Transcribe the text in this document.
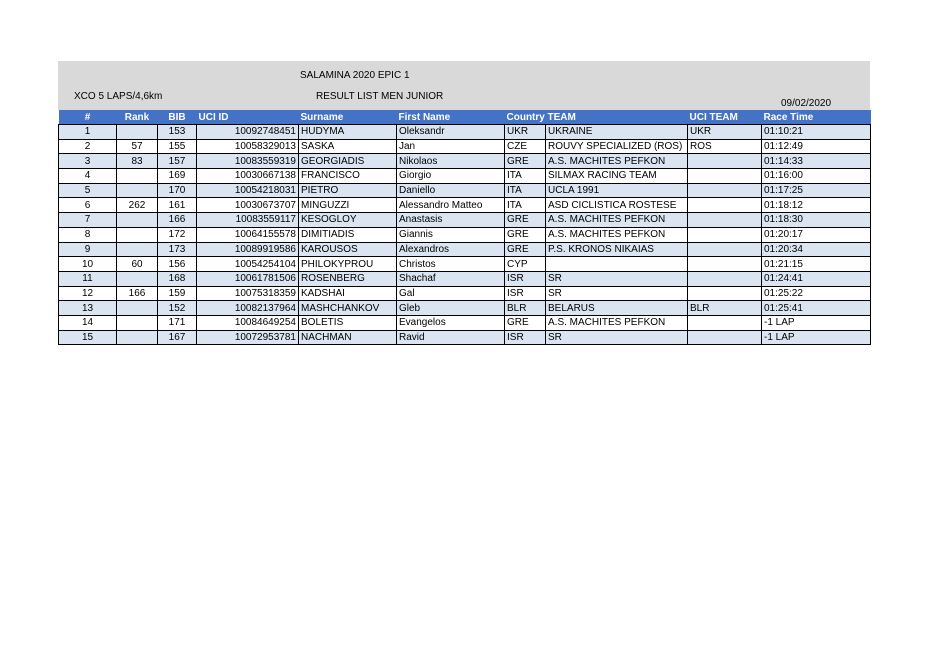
SALAMINA 2020 EPIC 1
XCO 5 LAPS/4,6km	RESULT LIST MEN JUNIOR
09/02/2020
#	Rank	BIB	UCI ID	Surname	First Name	Country	TEAM	UCI TEAM	Race Time
1		153	10092748451	HUDYMA	Oleksandr	UKR	UKRAINE	UKR	01:10:21
2	57	155	10058329013	SASKA	Jan	CZE	ROUVY SPECIALIZED (ROS)	ROS	01:12:49
3	83	157	10083559319	GEORGIADIS	Nikolaos	GRE	A.S. MACHITES PEFKON		01:14:33
4		169	10030667138	FRANCISCO	Giorgio	ITA	SILMAX RACING TEAM		01:16:00
5		170	10054218031	PIETRO	Daniello	ITA	UCLA 1991		01:17:25
6	262	161	10030673707	MINGUZZI	Alessandro Matteo	ITA	ASD CICLISTICA ROSTESE		01:18:12
7		166	10083559117	KESOGLOY	Anastasis	GRE	A.S. MACHITES PEFKON		01:18:30
8		172	10064155578	DIMITIADIS	Giannis	GRE	A.S. MACHITES PEFKON		01:20:17
9		173	10089919586	KAROUSOS	Alexandros	GRE	P.S. KRONOS NIKAIAS		01:20:34
10	60	156	10054254104	PHILOKYPROU	Christos	CYP			01:21:15
11		168	10061781506	ROSENBERG	Shachaf	ISR	SR		01:24:41
12	166	159	10075318359	KADSHAI	Gal	ISR	SR		01:25:22
13		152	10082137964	MASHCHANKOV	Gleb	BLR	BELARUS	BLR	01:25:41
14		171	10084649254	BOLETIS	Evangelos	GRE	A.S. MACHITES PEFKON		-1 LAP
15		167	10072953781	NACHMAN	Ravid	ISR	SR		-1 LAP
